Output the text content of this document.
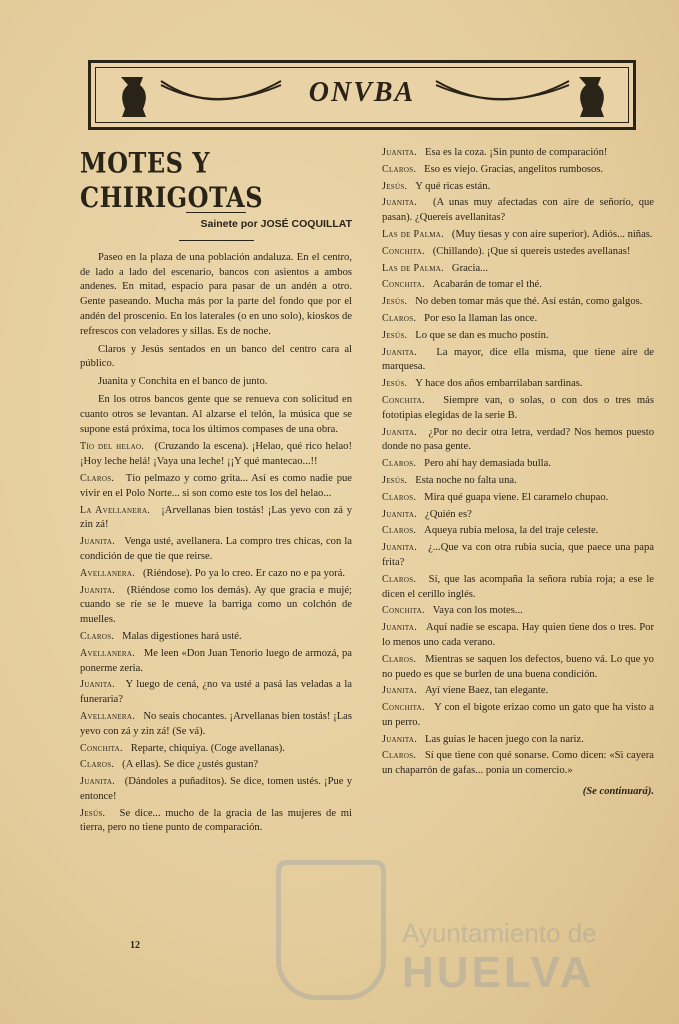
ONVBA
MOTES Y CHIRIGOTAS
Sainete por JOSÉ COQUILLAT

Paseo en la plaza de una población andaluza. En el centro, de lado a lado del escenario, bancos con asientos a ambos andenes. En mitad, espacio para pasar de un andén a otro. Gente paseando. Mucha más por la parte del fondo que por el andén del proscenio. En los laterales (o en uno solo), kioskos de refrescos con veladores y sillas. Es de noche.

Claros y Jesús sentados en un banco del centro cara al público.

Juanita y Conchita en el banco de junto.

En los otros bancos gente que se renueva con solicitud en cuanto otros se levantan. Al alzarse el telón, la música que se supone está próxima, toca los últimos compases de una obra.

Tío del helao. (Cruzando la escena). ¡Helao, qué rico helao! ¡Hoy leche helá! ¡Vaya una leche! ¡¡Y qué mantecao...!!

Claros. Tío pelmazo y como grita... Así es como nadie pue vivir en el Polo Norte... si son como este tos los del helao...

La Avellanera. ¡Arvellanas bien tostás! ¡Las yevo con zá y zin zá!

Juanita. Venga usté, avellanera. La compro tres chicas, con la condición de que tie que reirse.

Avellanera. (Riéndose). Po ya lo creo. Er cazo no e pa yorá.

Juanita. (Riéndose como los demás). Ay que gracia e mujé; cuando se ríe se le mueve la barriga como un colchón de muelles.

Claros. Malas digestiones hará usté.

Avellanera. Me leen «Don Juan Tenorio luego de armozá, pa ponerme zeria.

Juanita. Y luego de cená, ¿no va usté a pasá las veladas a la funeraria?

Avellanera. No seais chocantes. ¡Arvellanas bien tostás! ¡Las yevo con zá y zin zá! (Se vá).

Conchita. Reparte, chiquiya. (Coge avellanas).

Claros. (A ellas). Se dice ¿ustés gustan?

Juanita. (Dándoles a puñaditos). Se dice, tomen ustés. ¡Pue y entonce!

Jesús. Se dice... mucho de la gracia de las mujeres de mi tierra, pero no tiene punto de comparación.

Juanita. Esa es la coza. ¡Sin punto de comparación!

Claros. Eso es viejo. Gracias, angelitos rumbosos.

Jesús. Y qué ricas están.

Juanita. (A unas muy afectadas con aire de señorío, que pasan). ¿Quereis avellanitas?

Las de Palma. (Muy tiesas y con aire superior). Adiós... niñas.

Conchita. (Chillando). ¡Que si quereis ustedes avellanas!

Las de Palma. Gracia...

Conchita. Acabarán de tomar el thé.

Jesús. No deben tomar más que thé. Así están, como galgos.

Claros. Por eso la llaman las once.

Jesús. Lo que se dan es mucho postín.

Juanita. La mayor, dice ella misma, que tiene aire de marquesa.

Jesús. Y hace dos años embarrilaban sardinas.

Conchita. Siempre van, o solas, o con dos o tres más fototipias elegidas de la serie B.

Juanita. ¿Por no decir otra letra, verdad? Nos hemos puesto donde no pasa gente.

Claros. Pero ahí hay demasiada bulla.

Jesús. Esta noche no falta una.

Claros. Mira qué guapa viene. El caramelo chupao.

Juanita. ¿Quién es?

Claros. Aqueya rubia melosa, la del traje celeste.

Juanita. ¿...Que va con otra rubia sucia, que paece una papa frita?

Claros. Sí, que las acompaña la señora rubia roja; a ese le dicen el cerillo inglés.

Conchita. Vaya con los motes...

Juanita. Aquí nadie se escapa. Hay quien tiene dos o tres. Por lo menos uno cada verano.

Claros. Mientras se saquen los defectos, bueno vá. Lo que yo no puedo es que se burlen de una buena condición.

Juanita. Ayí viene Baez, tan elegante.

Conchita. Y con el bigote erizao como un gato que ha visto a un perro.

Juanita. Las guías le hacen juego con la nariz.

Claros. Sí que tiene con qué sonarse. Como dicen: «Si cayera un chaparrón de gafas... ponía un comercio.»

(Se continuará).
12	Ayuntamiento de
HUELVA
